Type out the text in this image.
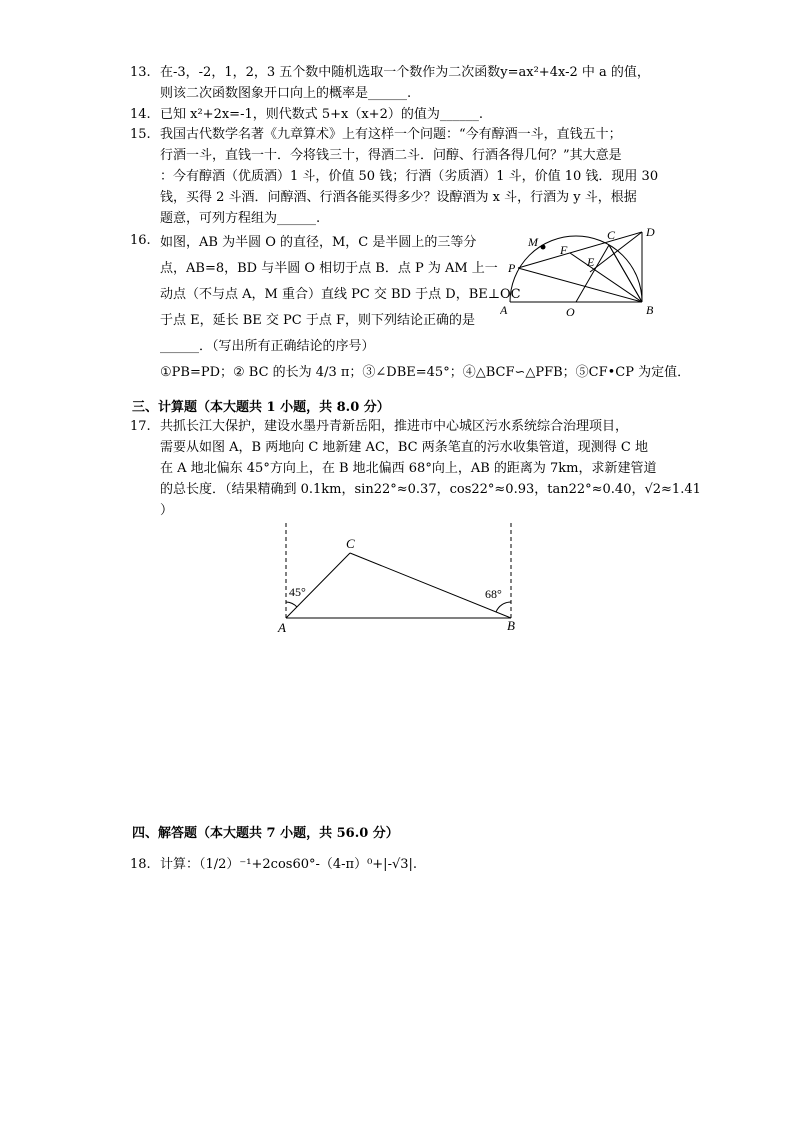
13. 在-3，-2，1，2，3 五个数中随机选取一个数作为二次函数y=ax²+4x-2 中 a 的值，
则该二次函数图象开口向上的概率是______.
14. 已知 x²+2x=-1，则代数式 5+x（x+2）的值为______.
15. 我国古代数学名著《九章算术》上有这样一个问题：“今有醇酒一斗，直钱五十；
行酒一斗，直钱一十．今将钱三十，得酒二斗．问醇、行酒各得几何？”其大意是
：今有醇酒（优质酒）1 斗，价值 50 钱；行酒（劣质酒）1 斗，价值 10 钱．现用 30
钱，买得 2 斗酒．问醇酒、行酒各能买得多少？设醇酒为 x 斗，行酒为 y 斗，根据
题意，可列方程组为______.
16. 如图，AB 为半圆 O 的直径，M，C 是半圆上的三等分
点，AB=8，BD 与半圆 O 相切于点 B．点 P 为 AM 上一
动点（不与点 A，M 重合）直线 PC 交 BD 于点 D，BE⊥OC
于点 E，延长 BE 交 PC 于点 F，则下列结论正确的是
______．（写出所有正确结论的序号）
①PB=PD；② BC 的长为 4/3 π；③∠DBE=45°；④△BCF∽△PFB；⑤CF•CP 为定值．
M	C	D
F
E
P
A	O	B
三、计算题（本大题共 1 小题，共 8.0 分）
17. 共抓长江大保护，建设水墨丹青新岳阳，推进市中心城区污水系统综合治理项目，
需要从如图 A，B 两地向 C 地新建 AC，BC 两条笔直的污水收集管道，现测得 C 地
在 A 地北偏东 45°方向上，在 B 地北偏西 68°向上，AB 的距离为 7km，求新建管道
的总长度．（结果精确到 0.1km，sin22°≈0.37，cos22°≈0.93，tan22°≈0.40，√2≈1.41
）
C
A	B
45°	68°
四、解答题（本大题共 7 小题，共 56.0 分）
18. 计算：（1/2）⁻¹+2cos60°-（4-π）⁰+|-√3|.
